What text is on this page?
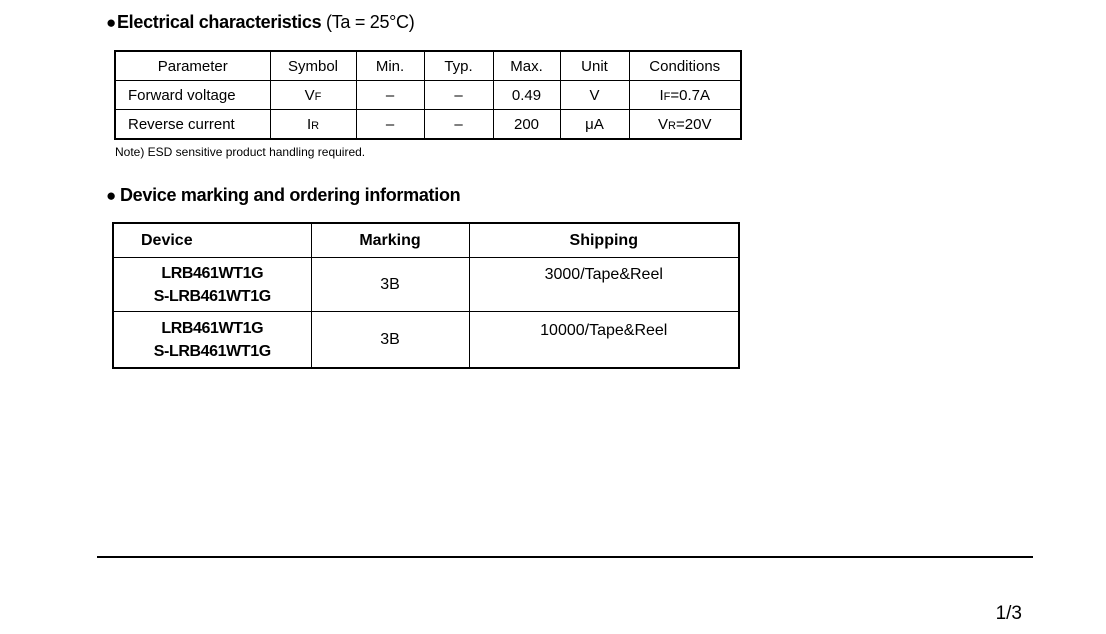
●Electrical characteristics (Ta = 25°C)
Parameter	Symbol	Min.	Typ.	Max.	Unit	Conditions
Forward voltage	VF	–	–	0.49	V	IF=0.7A
Reverse current	IR	–	–	200	μA	VR=20V
Note) ESD sensitive product handling required.
● Device marking and ordering information
Device	Marking	Shipping

LRB461WT1G
S-LRB461WT1G	3B	3000/Tape&Reel

LRB461WT1G
S-LRB461WT1G	3B	10000/Tape&Reel
1/3
